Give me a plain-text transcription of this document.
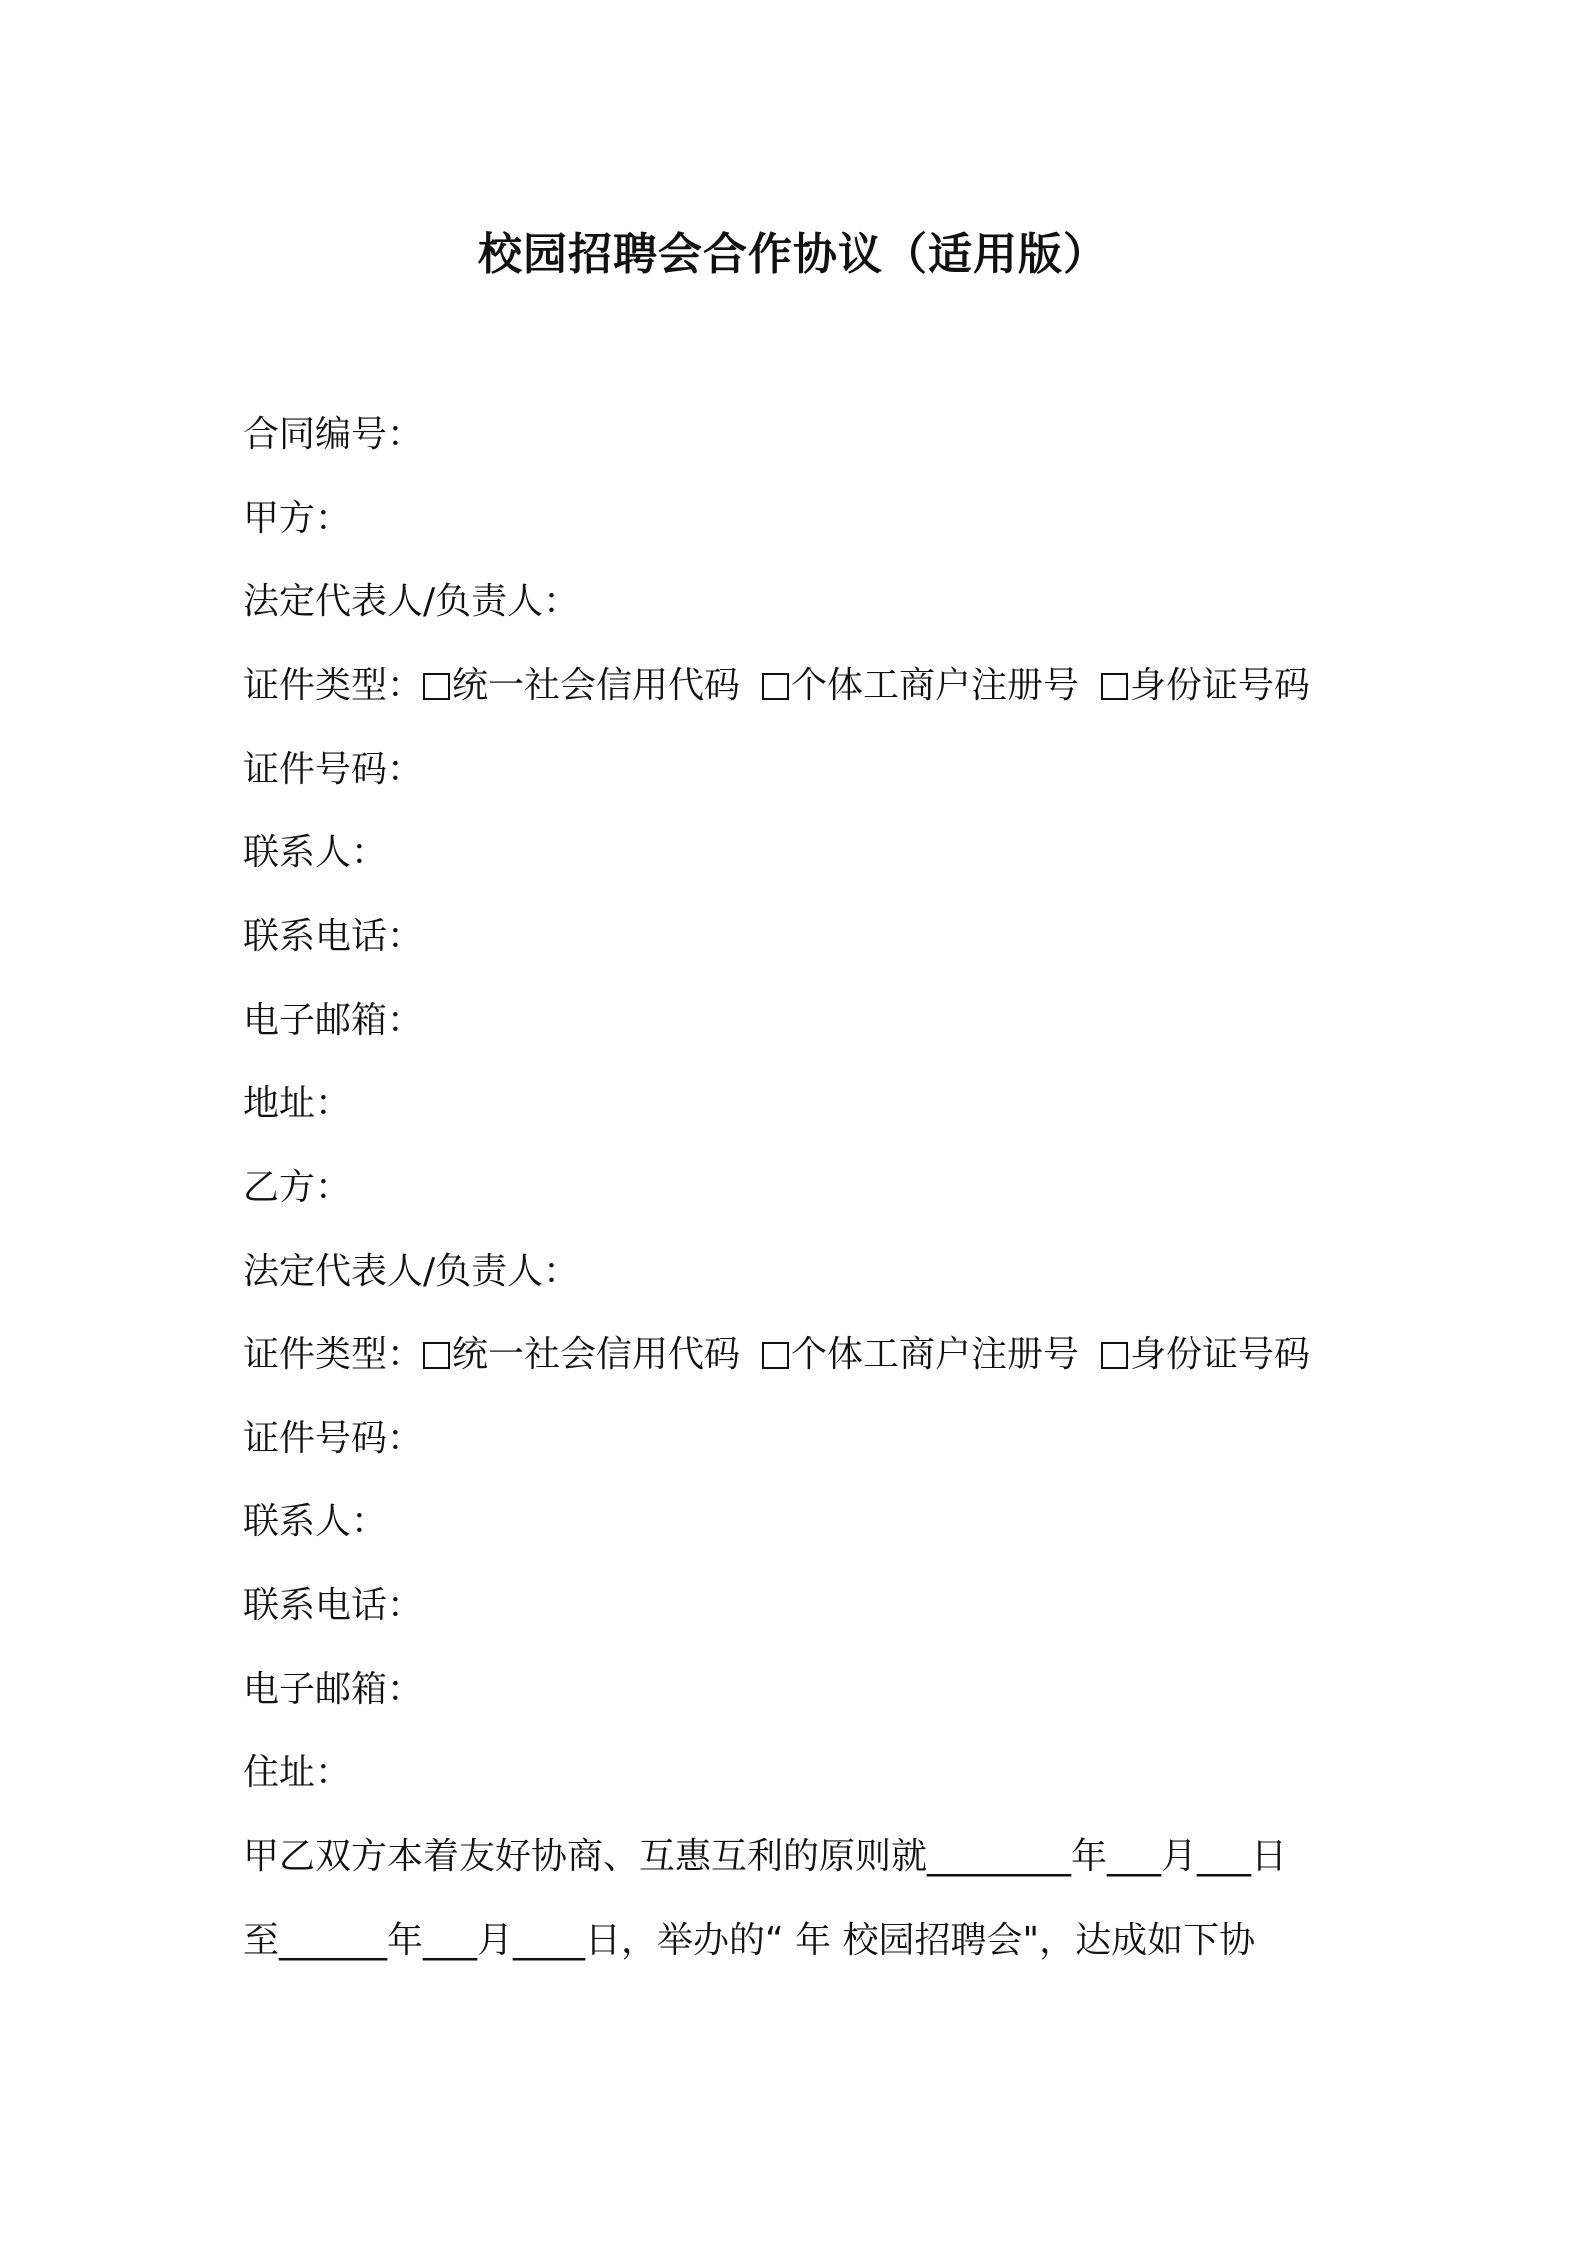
校园招聘会合作协议（适用版）
合同编号：
甲方：
法定代表人/负责人：
证件类型： 统一社会信用代码 个体工商户注册号 身份证号码
证件号码：
联系人：
联系电话：
电子邮箱：
地址：
乙方：
法定代表人/负责人：
证件类型： 统一社会信用代码 个体工商户注册号 身份证号码
证件号码：
联系人：
联系电话：
电子邮箱：
住址：
甲乙双方本着友好协商、互惠互利的原则就________年___月___日
至______年___月____日，举办的“ 年 校园招聘会"，达成如下协
